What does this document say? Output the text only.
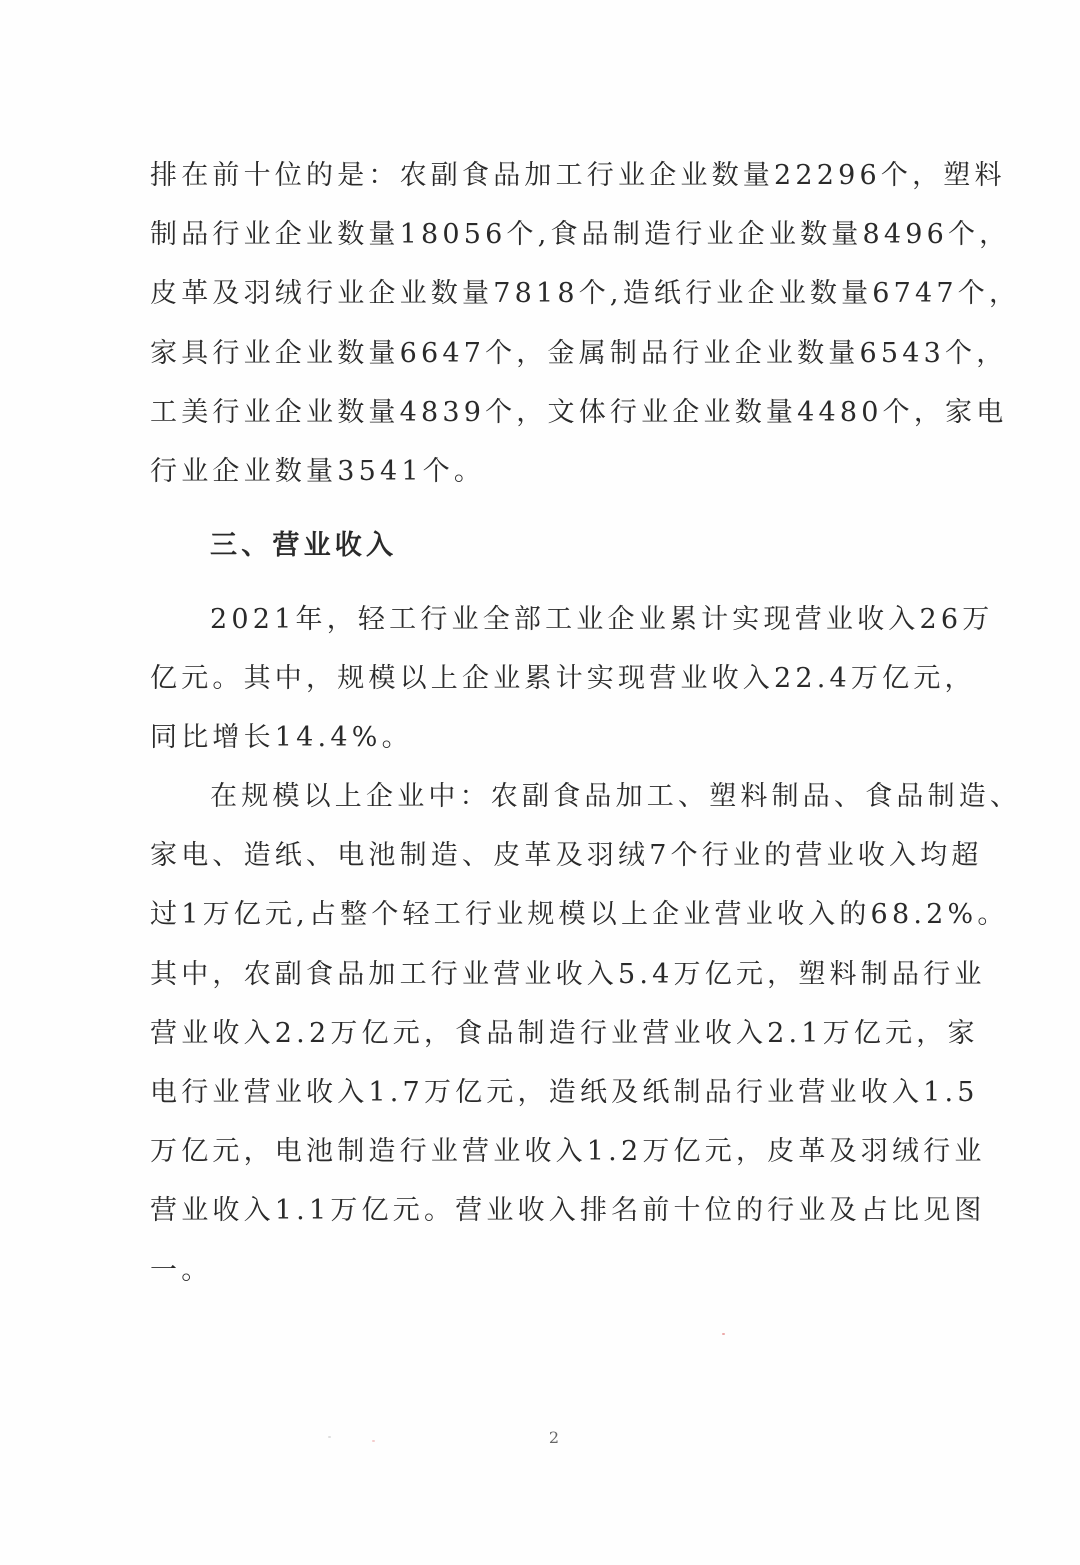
排在前十位的是：农副食品加工行业企业数量22296个，塑料
制品行业企业数量18056个,食品制造行业企业数量8496个，
皮革及羽绒行业企业数量7818个,造纸行业企业数量6747个，
家具行业企业数量6647个，金属制品行业企业数量6543个，
工美行业企业数量4839个，文体行业企业数量4480个，家电
行业企业数量3541个。
三、营业收入
2021年，轻工行业全部工业企业累计实现营业收入26万
亿元。其中，规模以上企业累计实现营业收入22.4万亿元，
同比增长14.4%。
在规模以上企业中：农副食品加工、塑料制品、食品制造、
家电、造纸、电池制造、皮革及羽绒7个行业的营业收入均超
过1万亿元,占整个轻工行业规模以上企业营业收入的68.2%。
其中，农副食品加工行业营业收入5.4万亿元，塑料制品行业
营业收入2.2万亿元，食品制造行业营业收入2.1万亿元，家
电行业营业收入1.7万亿元，造纸及纸制品行业营业收入1.5
万亿元，电池制造行业营业收入1.2万亿元，皮革及羽绒行业
营业收入1.1万亿元。营业收入排名前十位的行业及占比见图
一。
2
